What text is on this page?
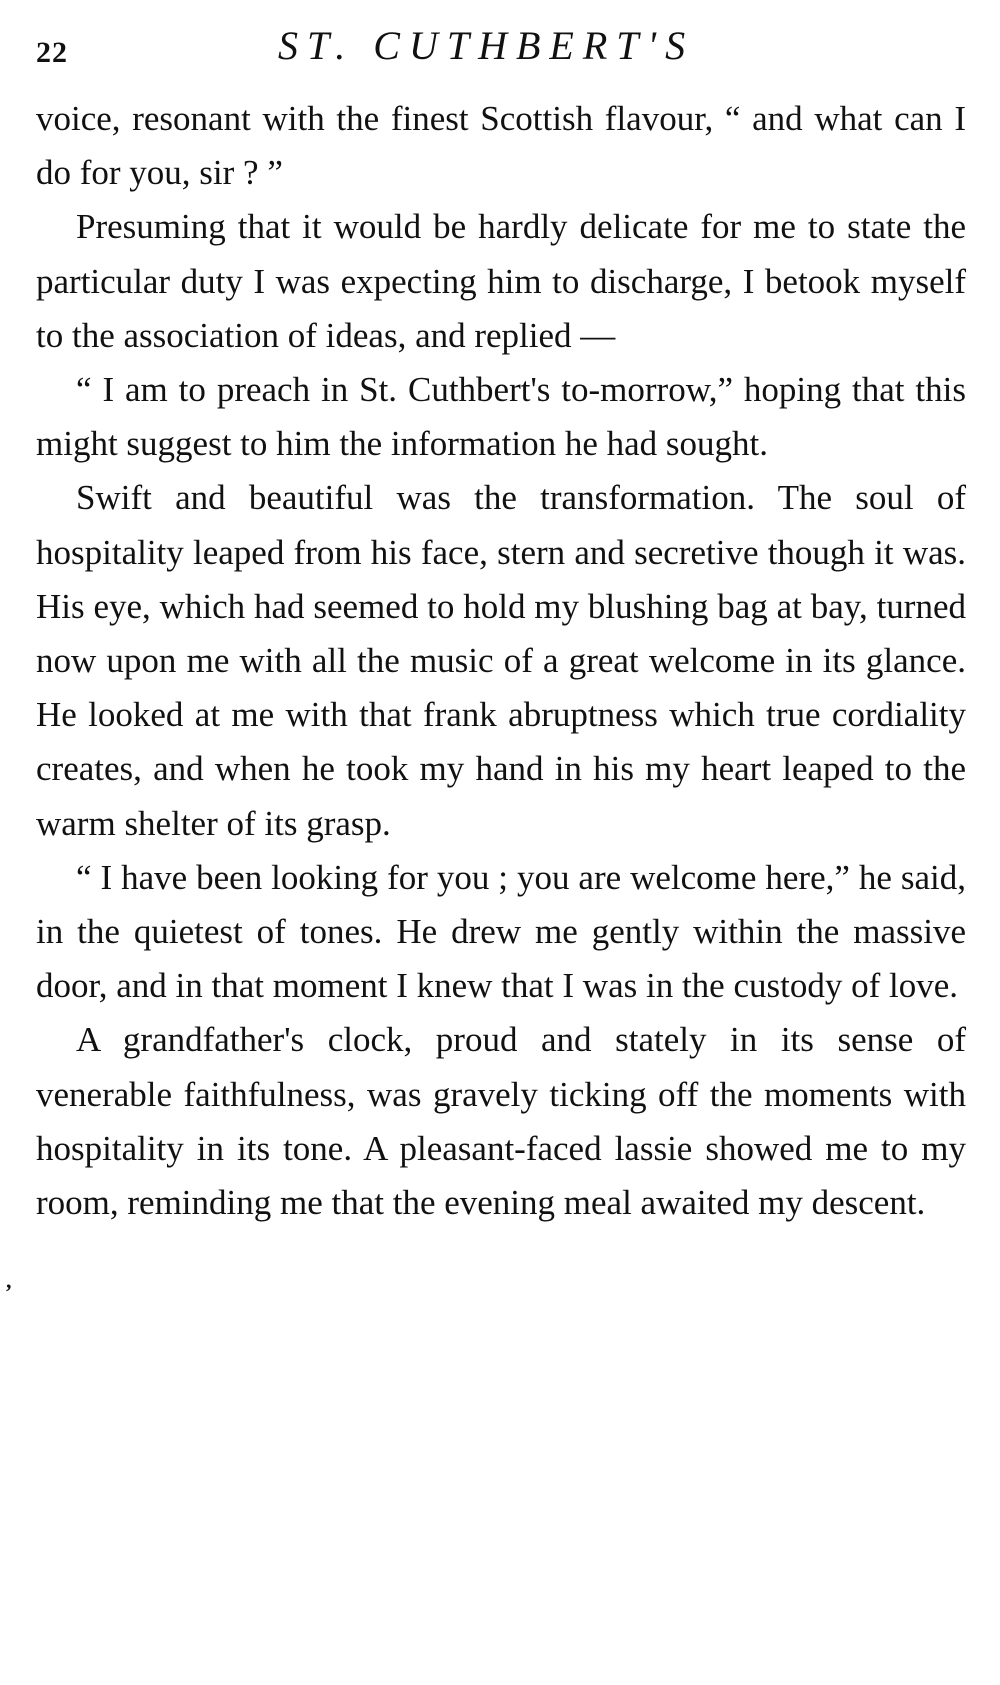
22	ST. CUTHBERT'S
,

voice, resonant with the finest Scottish flavour, “ and what can I do for you, sir ? ”

Presuming that it would be hardly delicate for me to state the particular duty I was expecting him to discharge, I betook myself to the association of ideas, and replied —

“ I am to preach in St. Cuthbert's to-morrow,” hoping that this might suggest to him the information he had sought.

Swift and beautiful was the transformation. The soul of hospitality leaped from his face, stern and secretive though it was. His eye, which had seemed to hold my blushing bag at bay, turned now upon me with all the music of a great welcome in its glance. He looked at me with that frank abruptness which true cordiality creates, and when he took my hand in his my heart leaped to the warm shelter of its grasp.

“ I have been looking for you ; you are welcome here,” he said, in the quietest of tones. He drew me gently within the massive door, and in that moment I knew that I was in the custody of love.

A grandfather's clock, proud and stately in its sense of venerable faithfulness, was gravely ticking off the moments with hospitality in its tone. A pleasant-faced lassie showed me to my room, reminding me that the evening meal awaited my descent.
